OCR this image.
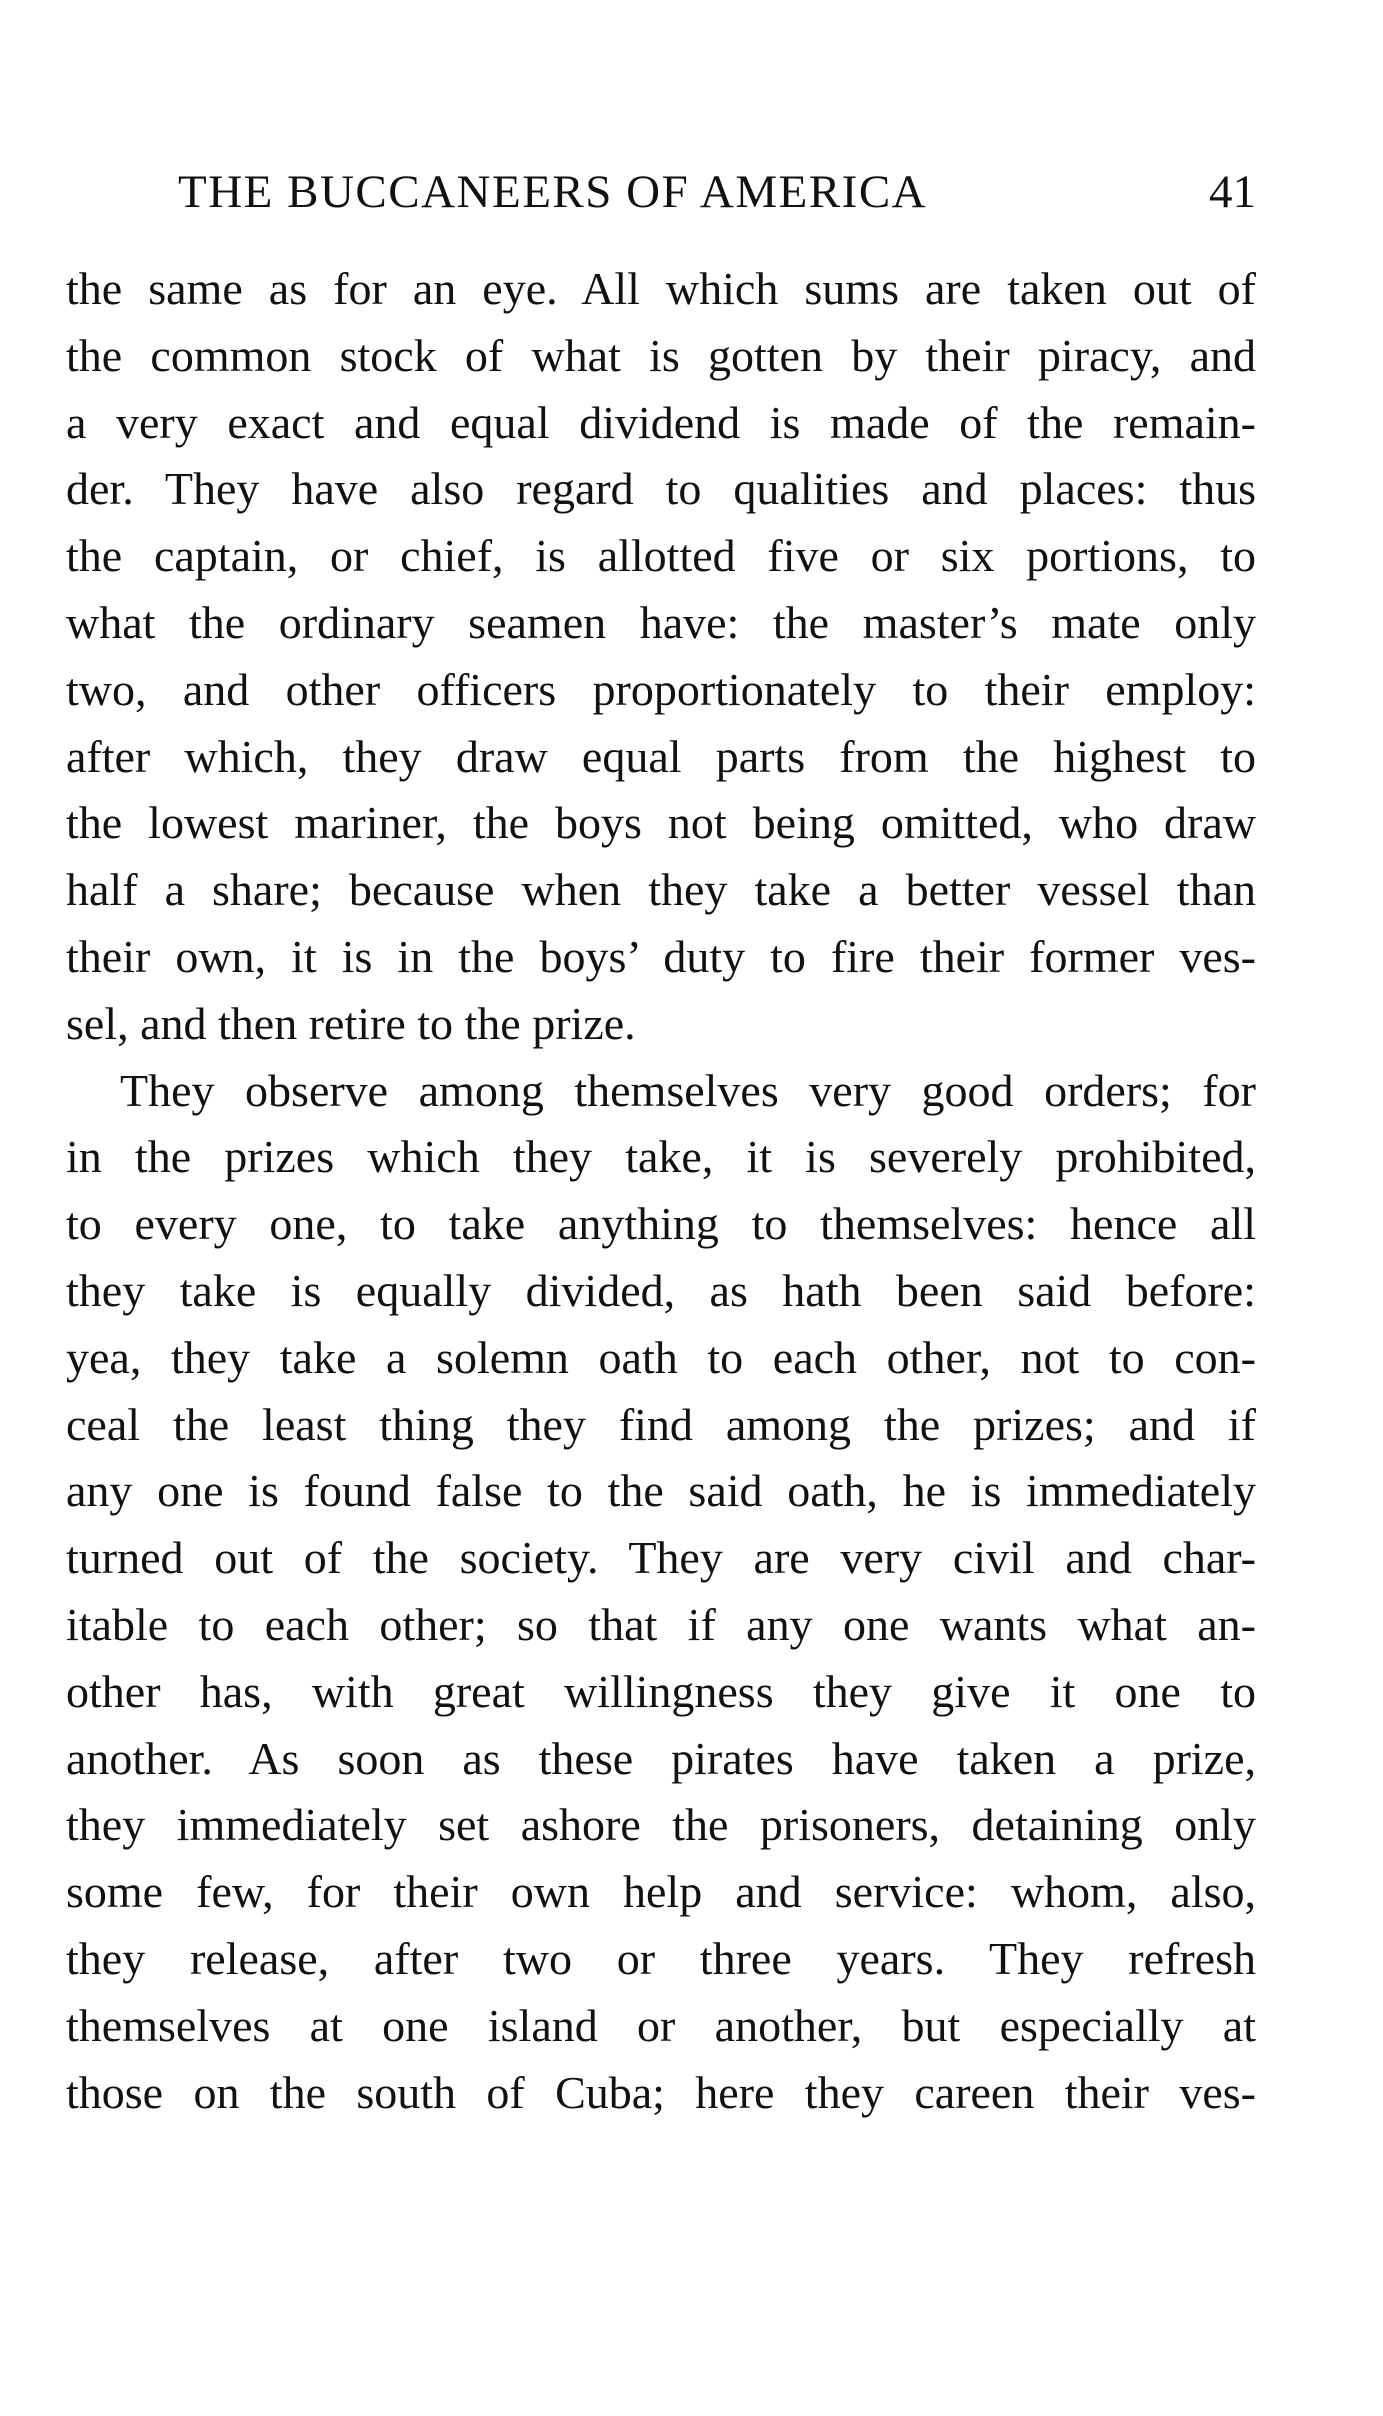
THE BUCCANEERS OF AMERICA	41
the same as for an eye. All which sums are taken out of
the common stock of what is gotten by their piracy, and
a very exact and equal dividend is made of the remain-
der. They have also regard to qualities and places: thus
the captain, or chief, is allotted five or six portions, to
what the ordinary seamen have: the master’s mate only
two, and other officers proportionately to their employ:
after which, they draw equal parts from the highest to
the lowest mariner, the boys not being omitted, who draw
half a share; because when they take a better vessel than
their own, it is in the boys’ duty to fire their former ves-
sel, and then retire to the prize.
They observe among themselves very good orders; for
in the prizes which they take, it is severely prohibited,
to every one, to take anything to themselves: hence all
they take is equally divided, as hath been said before:
yea, they take a solemn oath to each other, not to con-
ceal the least thing they find among the prizes; and if
any one is found false to the said oath, he is immediately
turned out of the society. They are very civil and char-
itable to each other; so that if any one wants what an-
other has, with great willingness they give it one to
another. As soon as these pirates have taken a prize,
they immediately set ashore the prisoners, detaining only
some few, for their own help and service: whom, also,
they release, after two or three years. They refresh
themselves at one island or another, but especially at
those on the south of Cuba; here they careen their ves-
